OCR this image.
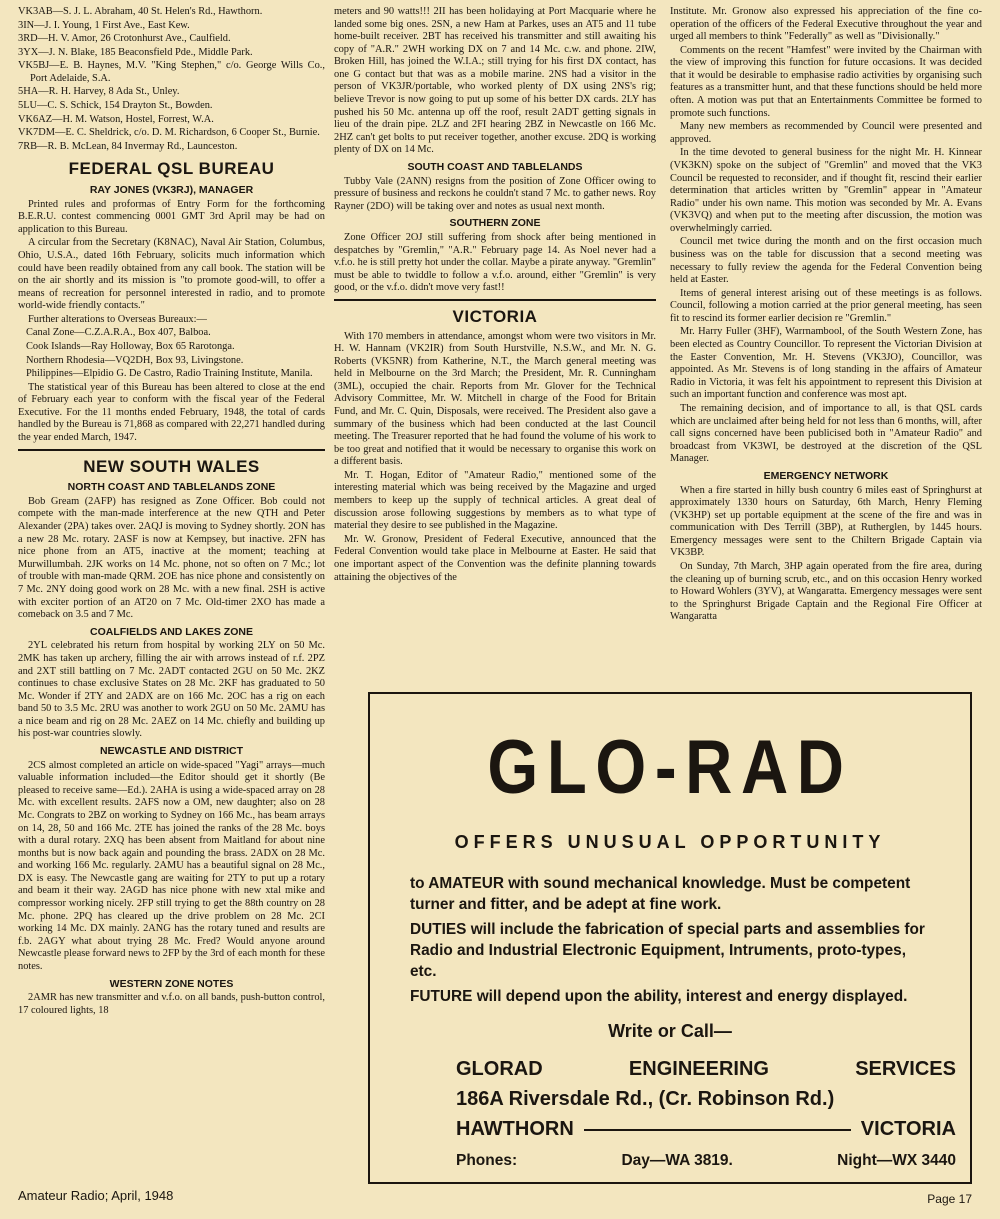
VK3AB—S. J. L. Abraham, 40 St. Helen's Rd., Hawthorn.

3IN—J. I. Young, 1 First Ave., East Kew.

3RD—H. V. Amor, 26 Crotonhurst Ave., Caulfield.

3YX—J. N. Blake, 185 Beaconsfield Pde., Middle Park.

VK5BJ—E. B. Haynes, M.V. "King Stephen," c/o. George Wills Co., Port Adelaide, S.A.

5HA—R. H. Harvey, 8 Ada St., Unley.

5LU—C. S. Schick, 154 Drayton St., Bowden.

VK6AZ—H. M. Watson, Hostel, Forrest, W.A.

VK7DM—E. C. Sheldrick, c/o. D. M. Richardson, 6 Cooper St., Burnie.

7RB—R. B. McLean, 84 Invermay Rd., Launceston.

FEDERAL QSL BUREAU
RAY JONES (VK3RJ), MANAGER

Printed rules and proformas of Entry Form for the forthcoming B.E.R.U. contest commencing 0001 GMT 3rd April may be had on application to this Bureau.

A circular from the Secretary (K8NAC), Naval Air Station, Columbus, Ohio, U.S.A., dated 16th February, solicits much information which could have been readily obtained from any call book. The station will be on the air shortly and its mission is "to promote good-will, to offer a means of recreation for personnel interested in radio, and to promote world-wide friendly contacts."

Further alterations to Overseas Bureaux:—

Canal Zone—C.Z.A.R.A., Box 407, Balboa.

Cook Islands—Ray Holloway, Box 65 Rarotonga.

Northern Rhodesia—VQ2DH, Box 93, Livingstone.

Philippines—Elpidio G. De Castro, Radio Training Institute, Manila.

The statistical year of this Bureau has been altered to close at the end of February each year to conform with the fiscal year of the Federal Executive. For the 11 months ended February, 1948, the total of cards handled by the Bureau is 71,868 as compared with 22,271 handled during the year ended March, 1947.

NEW SOUTH WALES
NORTH COAST AND TABLELANDS ZONE

Bob Gream (2AFP) has resigned as Zone Officer. Bob could not compete with the man-made interference at the new QTH and Peter Alexander (2PA) takes over. 2AQJ is moving to Sydney shortly. 2ON has a new 28 Mc. rotary. 2ASF is now at Kempsey, but inactive. 2FN has nice phone from an AT5, inactive at the moment; teaching at Murwillumbah. 2JK works on 14 Mc. phone, not so often on 7 Mc.; lot of trouble with man-made QRM. 2OE has nice phone and consistently on 7 Mc. 2NY doing good work on 28 Mc. with a new final. 2SH is active with exciter portion of an AT20 on 7 Mc. Old-timer 2XO has made a comeback on 3.5 and 7 Mc.

COALFIELDS AND LAKES ZONE

2YL celebrated his return from hospital by working 2LY on 50 Mc. 2MK has taken up archery, filling the air with arrows instead of r.f. 2PZ and 2XT still battling on 7 Mc. 2ADT contacted 2GU on 50 Mc. 2KZ continues to chase exclusive States on 28 Mc. 2KF has graduated to 50 Mc. Wonder if 2TY and 2ADX are on 166 Mc. 2OC has a rig on each band 50 to 3.5 Mc. 2RU was another to work 2GU on 50 Mc. 2AMU has a nice beam and rig on 28 Mc. 2AEZ on 14 Mc. chiefly and building up his post-war countries slowly.

NEWCASTLE AND DISTRICT

2CS almost completed an article on wide-spaced "Yagi" arrays—much valuable information included—the Editor should get it shortly (Be pleased to receive same—Ed.). 2AHA is using a wide-spaced array on 28 Mc. with excellent results. 2AFS now a OM, new daughter; also on 28 Mc. Congrats to 2BZ on working to Sydney on 166 Mc., has beam arrays on 14, 28, 50 and 166 Mc. 2TE has joined the ranks of the 28 Mc. boys with a dural rotary. 2XQ has been absent from Maitland for about nine months but is now back again and pounding the brass. 2ADX on 28 Mc. and working 166 Mc. regularly. 2AMU has a beautiful signal on 28 Mc., DX is easy. The Newcastle gang are waiting for 2TY to put up a rotary and beam it their way. 2AGD has nice phone with new xtal mike and compressor working nicely. 2FP still trying to get the 88th country on 28 Mc. phone. 2PQ has cleared up the drive problem on 28 Mc. 2CI working 14 Mc. DX mainly. 2ANG has the rotary tuned and results are f.b. 2AGY what about trying 28 Mc. Fred? Would anyone around Newcastle please forward news to 2FP by the 3rd of each month for these notes.

WESTERN ZONE NOTES

2AMR has new transmitter and v.f.o. on all bands, push-button control, 17 coloured lights, 18

meters and 90 watts!!! 2II has been holidaying at Port Macquarie where he landed some big ones. 2SN, a new Ham at Parkes, uses an AT5 and 11 tube home-built receiver. 2BT has received his transmitter and still awaiting his copy of "A.R." 2WH working DX on 7 and 14 Mc. c.w. and phone. 2IW, Broken Hill, has joined the W.I.A.; still trying for his first DX contact, has one G contact but that was as a mobile marine. 2NS had a visitor in the person of VK3JR/portable, who worked plenty of DX using 2NS's rig; believe Trevor is now going to put up some of his better DX cards. 2LY has pushed his 50 Mc. antenna up off the roof, result 2ADT getting signals in lieu of the drain pipe. 2LZ and 2FI hearing 2BZ in Newcastle on 166 Mc. 2HZ can't get bolts to put receiver together, another excuse. 2DQ is working plenty of DX on 14 Mc.

SOUTH COAST AND TABLELANDS

Tubby Vale (2ANN) resigns from the position of Zone Officer owing to pressure of business and reckons he couldn't stand 7 Mc. to gather news. Roy Rayner (2DO) will be taking over and notes as usual next month.

SOUTHERN ZONE

Zone Officer 2OJ still suffering from shock after being mentioned in despatches by "Gremlin," "A.R." February page 14. As Noel never had a v.f.o. he is still pretty hot under the collar. Maybe a pirate anyway. "Gremlin" must be able to twiddle to follow a v.f.o. around, either "Gremlin" is very good, or the v.f.o. didn't move very fast!!

VICTORIA

With 170 members in attendance, amongst whom were two visitors in Mr. H. W. Hannam (VK2IR) from South Hurstville, N.S.W., and Mr. N. G. Roberts (VK5NR) from Katherine, N.T., the March general meeting was held in Melbourne on the 3rd March; the President, Mr. R. Cunningham (3ML), occupied the chair. Reports from Mr. Glover for the Technical Advisory Committee, Mr. W. Mitchell in charge of the Food for Britain Fund, and Mr. C. Quin, Disposals, were received. The President also gave a summary of the business which had been conducted at the last Council meeting. The Treasurer reported that he had found the volume of his work to be too great and notified that it would be necessary to organise this work on a different basis.

Mr. T. Hogan, Editor of "Amateur Radio," mentioned some of the interesting material which was being received by the Magazine and urged members to keep up the supply of technical articles. A great deal of discussion arose following suggestions by members as to what type of material they desire to see published in the Magazine.

Mr. W. Gronow, President of Federal Executive, announced that the Federal Convention would take place in Melbourne at Easter. He said that one important aspect of the Convention was the definite planning towards attaining the objectives of the

Institute. Mr. Gronow also expressed his appreciation of the fine co-operation of the officers of the Federal Executive throughout the year and urged all members to think "Federally" as well as "Divisionally."

Comments on the recent "Hamfest" were invited by the Chairman with the view of improving this function for future occasions. It was decided that it would be desirable to emphasise radio activities by organising such features as a transmitter hunt, and that these functions should be held more often. A motion was put that an Entertainments Committee be formed to promote such functions.

Many new members as recommended by Council were presented and approved.

In the time devoted to general business for the night Mr. H. Kinnear (VK3KN) spoke on the subject of "Gremlin" and moved that the VK3 Council be requested to reconsider, and if thought fit, rescind their earlier determination that articles written by "Gremlin" appear in "Amateur Radio" under his own name. This motion was seconded by Mr. A. Evans (VK3VQ) and when put to the meeting after discussion, the motion was overwhelmingly carried.

Council met twice during the month and on the first occasion much business was on the table for discussion that a second meeting was necessary to fully review the agenda for the Federal Convention being held at Easter.

Items of general interest arising out of these meetings is as follows. Council, following a motion carried at the prior general meeting, has seen fit to rescind its former earlier decision re "Gremlin."

Mr. Harry Fuller (3HF), Warrnambool, of the South Western Zone, has been elected as Country Councillor. To represent the Victorian Division at the Easter Convention, Mr. H. Stevens (VK3JO), Councillor, was appointed. As Mr. Stevens is of long standing in the affairs of Amateur Radio in Victoria, it was felt his appointment to represent this Division at such an important function and conference was most apt.

The remaining decision, and of importance to all, is that QSL cards which are unclaimed after being held for not less than 6 months, will, after call signs concerned have been publicised both in "Amateur Radio" and broadcast from VK3WI, be destroyed at the discretion of the QSL Manager.

EMERGENCY NETWORK

When a fire started in hilly bush country 6 miles east of Springhurst at approximately 1330 hours on Saturday, 6th March, Henry Fleming (VK3HP) set up portable equipment at the scene of the fire and was in communication with Des Terrill (3BP), at Rutherglen, by 1445 hours. Emergency messages were sent to the Chiltern Brigade Captain via VK3BP.

On Sunday, 7th March, 3HP again operated from the fire area, during the cleaning up of burning scrub, etc., and on this occasion Henry worked to Howard Wohlers (3YV), at Wangaratta. Emergency messages were sent to the Springhurst Brigade Captain and the Regional Fire Officer at Wangaratta

GLO-RAD
OFFERS UNUSUAL OPPORTUNITY
to AMATEUR with sound mechanical knowledge. Must be competent turner and fitter, and be adept at fine work.
DUTIES will include the fabrication of special parts and assemblies for Radio and Industrial Electronic Equipment, Intruments, proto-types, etc.
FUTURE will depend upon the ability, interest and energy displayed.
Write or Call—
GLORAD	ENGINEERING	SERVICES
186A Riversdale Rd., (Cr. Robinson Rd.)
HAWTHORN	VICTORIA
Phones:	Day—WA 3819.	Night—WX 3440
Amateur Radio; April, 1948	Page 17
